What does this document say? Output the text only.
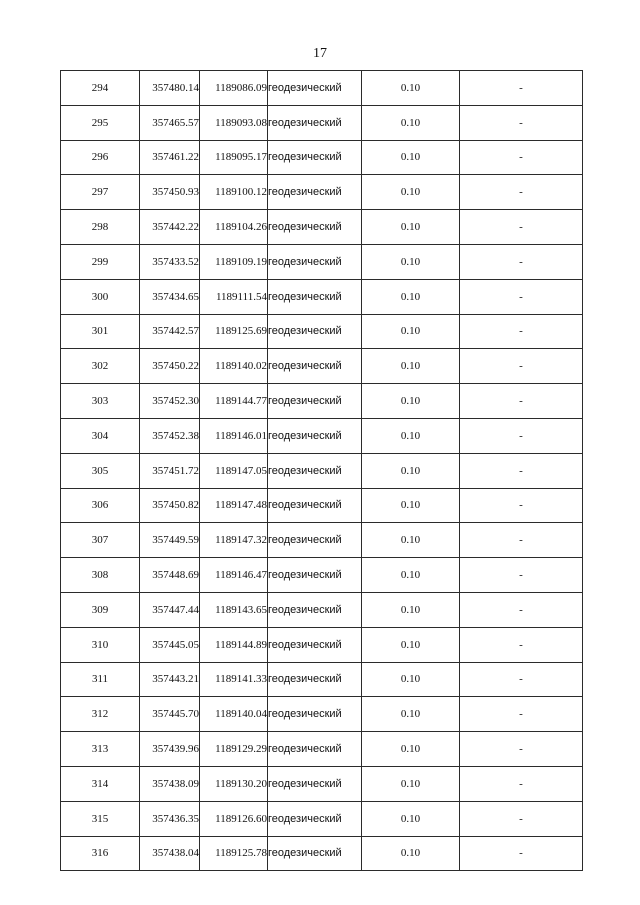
17
294	357480.14	1189086.09	геодезический	0.10	-
295	357465.57	1189093.08	геодезический	0.10	-
296	357461.22	1189095.17	геодезический	0.10	-
297	357450.93	1189100.12	геодезический	0.10	-
298	357442.22	1189104.26	геодезический	0.10	-
299	357433.52	1189109.19	геодезический	0.10	-
300	357434.65	1189111.54	геодезический	0.10	-
301	357442.57	1189125.69	геодезический	0.10	-
302	357450.22	1189140.02	геодезический	0.10	-
303	357452.30	1189144.77	геодезический	0.10	-
304	357452.38	1189146.01	геодезический	0.10	-
305	357451.72	1189147.05	геодезический	0.10	-
306	357450.82	1189147.48	геодезический	0.10	-
307	357449.59	1189147.32	геодезический	0.10	-
308	357448.69	1189146.47	геодезический	0.10	-
309	357447.44	1189143.65	геодезический	0.10	-
310	357445.05	1189144.89	геодезический	0.10	-
311	357443.21	1189141.33	геодезический	0.10	-
312	357445.70	1189140.04	геодезический	0.10	-
313	357439.96	1189129.29	геодезический	0.10	-
314	357438.09	1189130.20	геодезический	0.10	-
315	357436.35	1189126.60	геодезический	0.10	-
316	357438.04	1189125.78	геодезический	0.10	-
